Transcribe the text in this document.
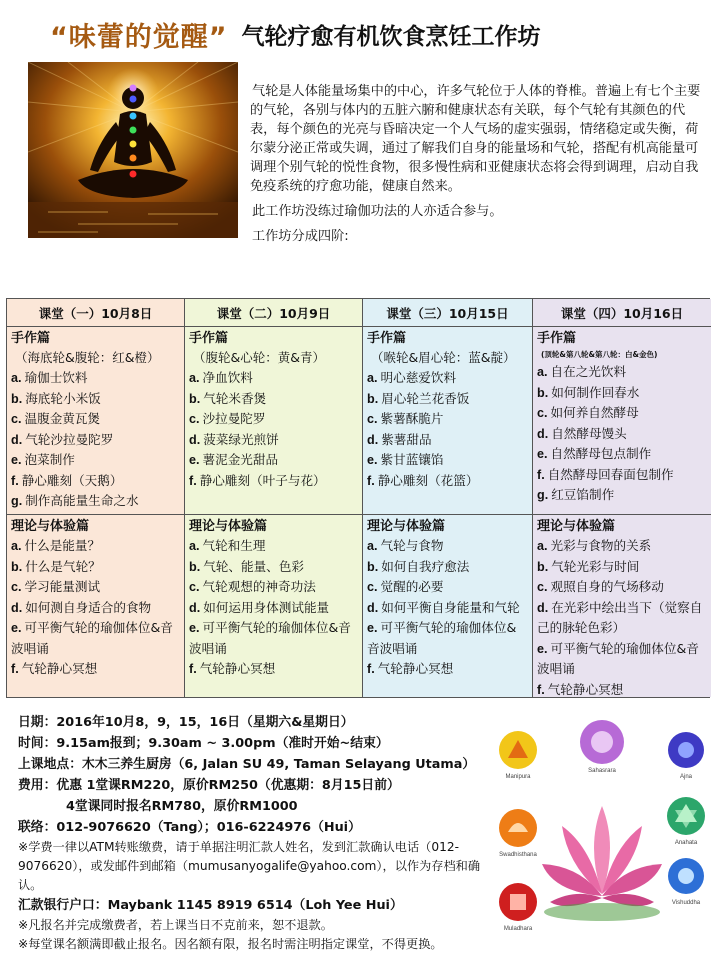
“味蕾的觉醒” 气轮疗愈有机饮食烹饪工作坊

气轮是人体能量场集中的中心，许多气轮位于人体的脊椎。普遍上有七个主要的气轮，各别与体内的五脏六腑和健康状态有关联，每个气轮有其颜色的代表，每个颜色的光亮与昏暗决定一个人气场的虚实强弱，情绪稳定或失衡，荷尔蒙分泌正常或失调，通过了解我们自身的能量场和气轮，搭配有机高能量可调理个别气轮的悦性食物，很多慢性病和亚健康状态将会得到调理，启动自我免疫系统的疗愈功能，健康自然来。

此工作坊没练过瑜伽功法的人亦适合参与。

工作坊分成四阶:

课堂（一）10月8日
手作篇
（海底轮&腹轮：红&橙）
a. 瑜伽士饮料
b. 海底轮小米饭
c. 温腹金黄瓦煲
d. 气轮沙拉曼陀罗
e. 泡菜制作
f. 静心雕刻（天鹅）
g. 制作高能量生命之水
理论与体验篇
a. 什么是能量？
b. 什么是气轮？
c. 学习能量测试
d. 如何测自身适合的食物
e. 可平衡气轮的瑜伽体位&音波唱诵
f. 气轮静心冥想
课堂（二）10月9日
手作篇
（腹轮&心轮：黄&青）
a. 净血饮料
b. 气轮米香煲
c. 沙拉曼陀罗
d. 菠菜绿光煎饼
e. 薯泥金光甜品
f. 静心雕刻（叶子与花）
理论与体验篇
a. 气轮和生理
b. 气轮、能量、色彩
c. 气轮观想的神奇功法
d. 如何运用身体测试能量
e. 可平衡气轮的瑜伽体位&音波唱诵
f. 气轮静心冥想
课堂（三）10月15日
手作篇
（喉轮&眉心轮：蓝&靛）
a. 明心慈爱饮料
b. 眉心轮兰花香饭
c. 紫薯酥脆片
d. 紫薯甜品
e. 紫甘蓝镶馅
f. 静心雕刻（花篮）
理论与体验篇
a. 气轮与食物
b. 如何自我疗愈法
c. 觉醒的必要
d. 如何平衡自身能量和气轮
e. 可平衡气轮的瑜伽体位&音波唱诵
f. 气轮静心冥想
课堂（四）10月16日
手作篇
(顶轮&第八轮&第八轮：白&金色)
a. 自在之光饮料
b. 如何制作回春水
c. 如何养自然酵母
d. 自然酵母馒头
e. 自然酵母包点制作
f. 自然酵母回春面包制作
g. 红豆馅制作
理论与体验篇
a. 光彩与食物的关系
b. 气轮光彩与时间
c. 观照自身的气场移动
d. 在光彩中绘出当下（觉察自己的脉轮色彩）
e. 可平衡气轮的瑜伽体位&音波唱诵
f. 气轮静心冥想
日期：2016年10月8，9，15，16日（星期六&星期日）
时间：9.15am报到；9.30am ~ 3.00pm（准时开始~结束）
上课地点：木木三养生厨房（6, Jalan SU 49, Taman Selayang Utama）
费用：优惠 1堂课RM220，原价RM250（优惠期：8月15日前）
4堂课同时报名RM780，原价RM1000
联络：012-9076620（Tang）；016-6224976（Hui）
※学费一律以ATM转账缴费，请于单据注明汇款人姓名，发到汇款确认电话（012-9076620），或发邮件到邮箱（mumusanyogalife@yahoo.com），以作为存档和确认。
汇款银行户口：Maybank 1145 8919 6514（Loh Yee Hui）
※凡报名并完成缴费者，若上课当日不克前来，恕不退款。
※每堂课名额满即截止报名。因名额有限，报名时需注明指定课堂，不得更换。
Sahasrara
Manipura	Ajna
Anahata
Vishuddha
Swadhisthana
Muladhara
